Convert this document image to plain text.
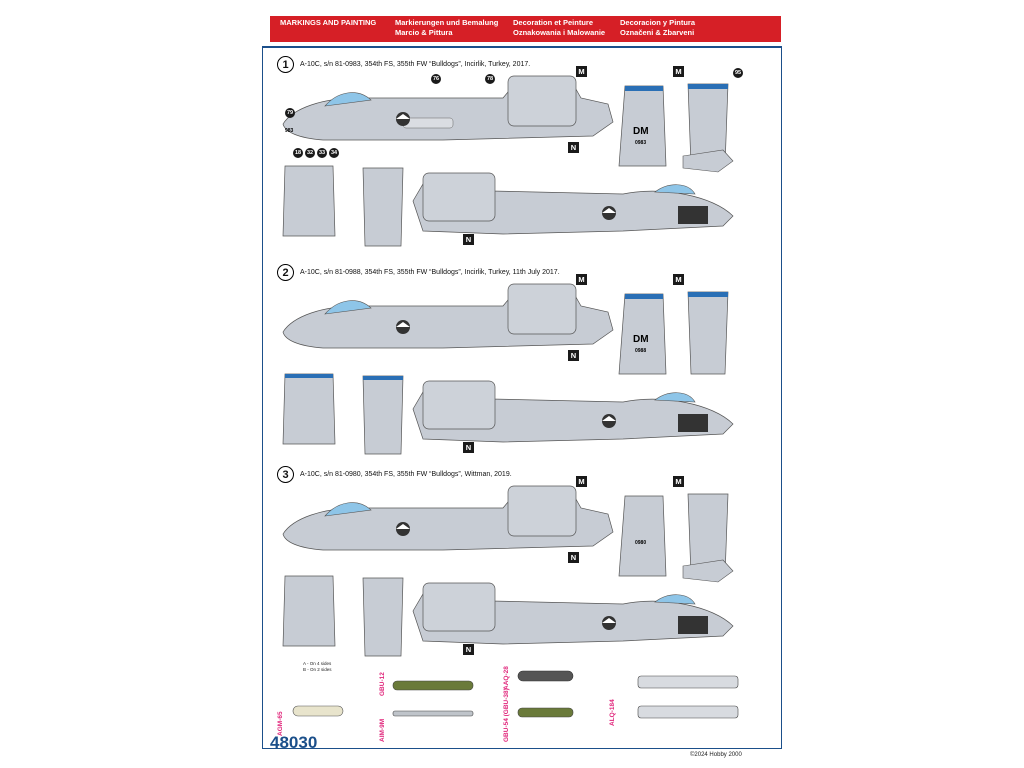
MARKINGS AND PAINTING	Markierungen und Bemalung
Marcio & Pittura
Decoration et Peinture
Oznakowania i Malowanie
Decoracion y Pintura
Označeni & Zbarveni
1	A-10C, s/n 81-0983, 354th FS, 355th FW “Bulldogs”, Incirlik, Turkey, 2017.
983	DM
0983
79
18	32	33	34
76	78
M
N
M	95
N
2	A-10C, s/n 81-0988, 354th FS, 355th FW “Bulldogs”, Incirlik, Turkey, 11th July 2017.
DM
0988
M
N
M
N
3	A-10C, s/n 81-0980, 354th FS, 355th FW “Bulldogs”, Wittman, 2019.
0980
M
N
M
N
AGM-65
A - On 4 sides
B - On 2 sides
GBU-12
AIM-9M
AAQ-28
GBU-54 (GBU-38)	ALQ-184
48030
©2024 Hobby 2000
